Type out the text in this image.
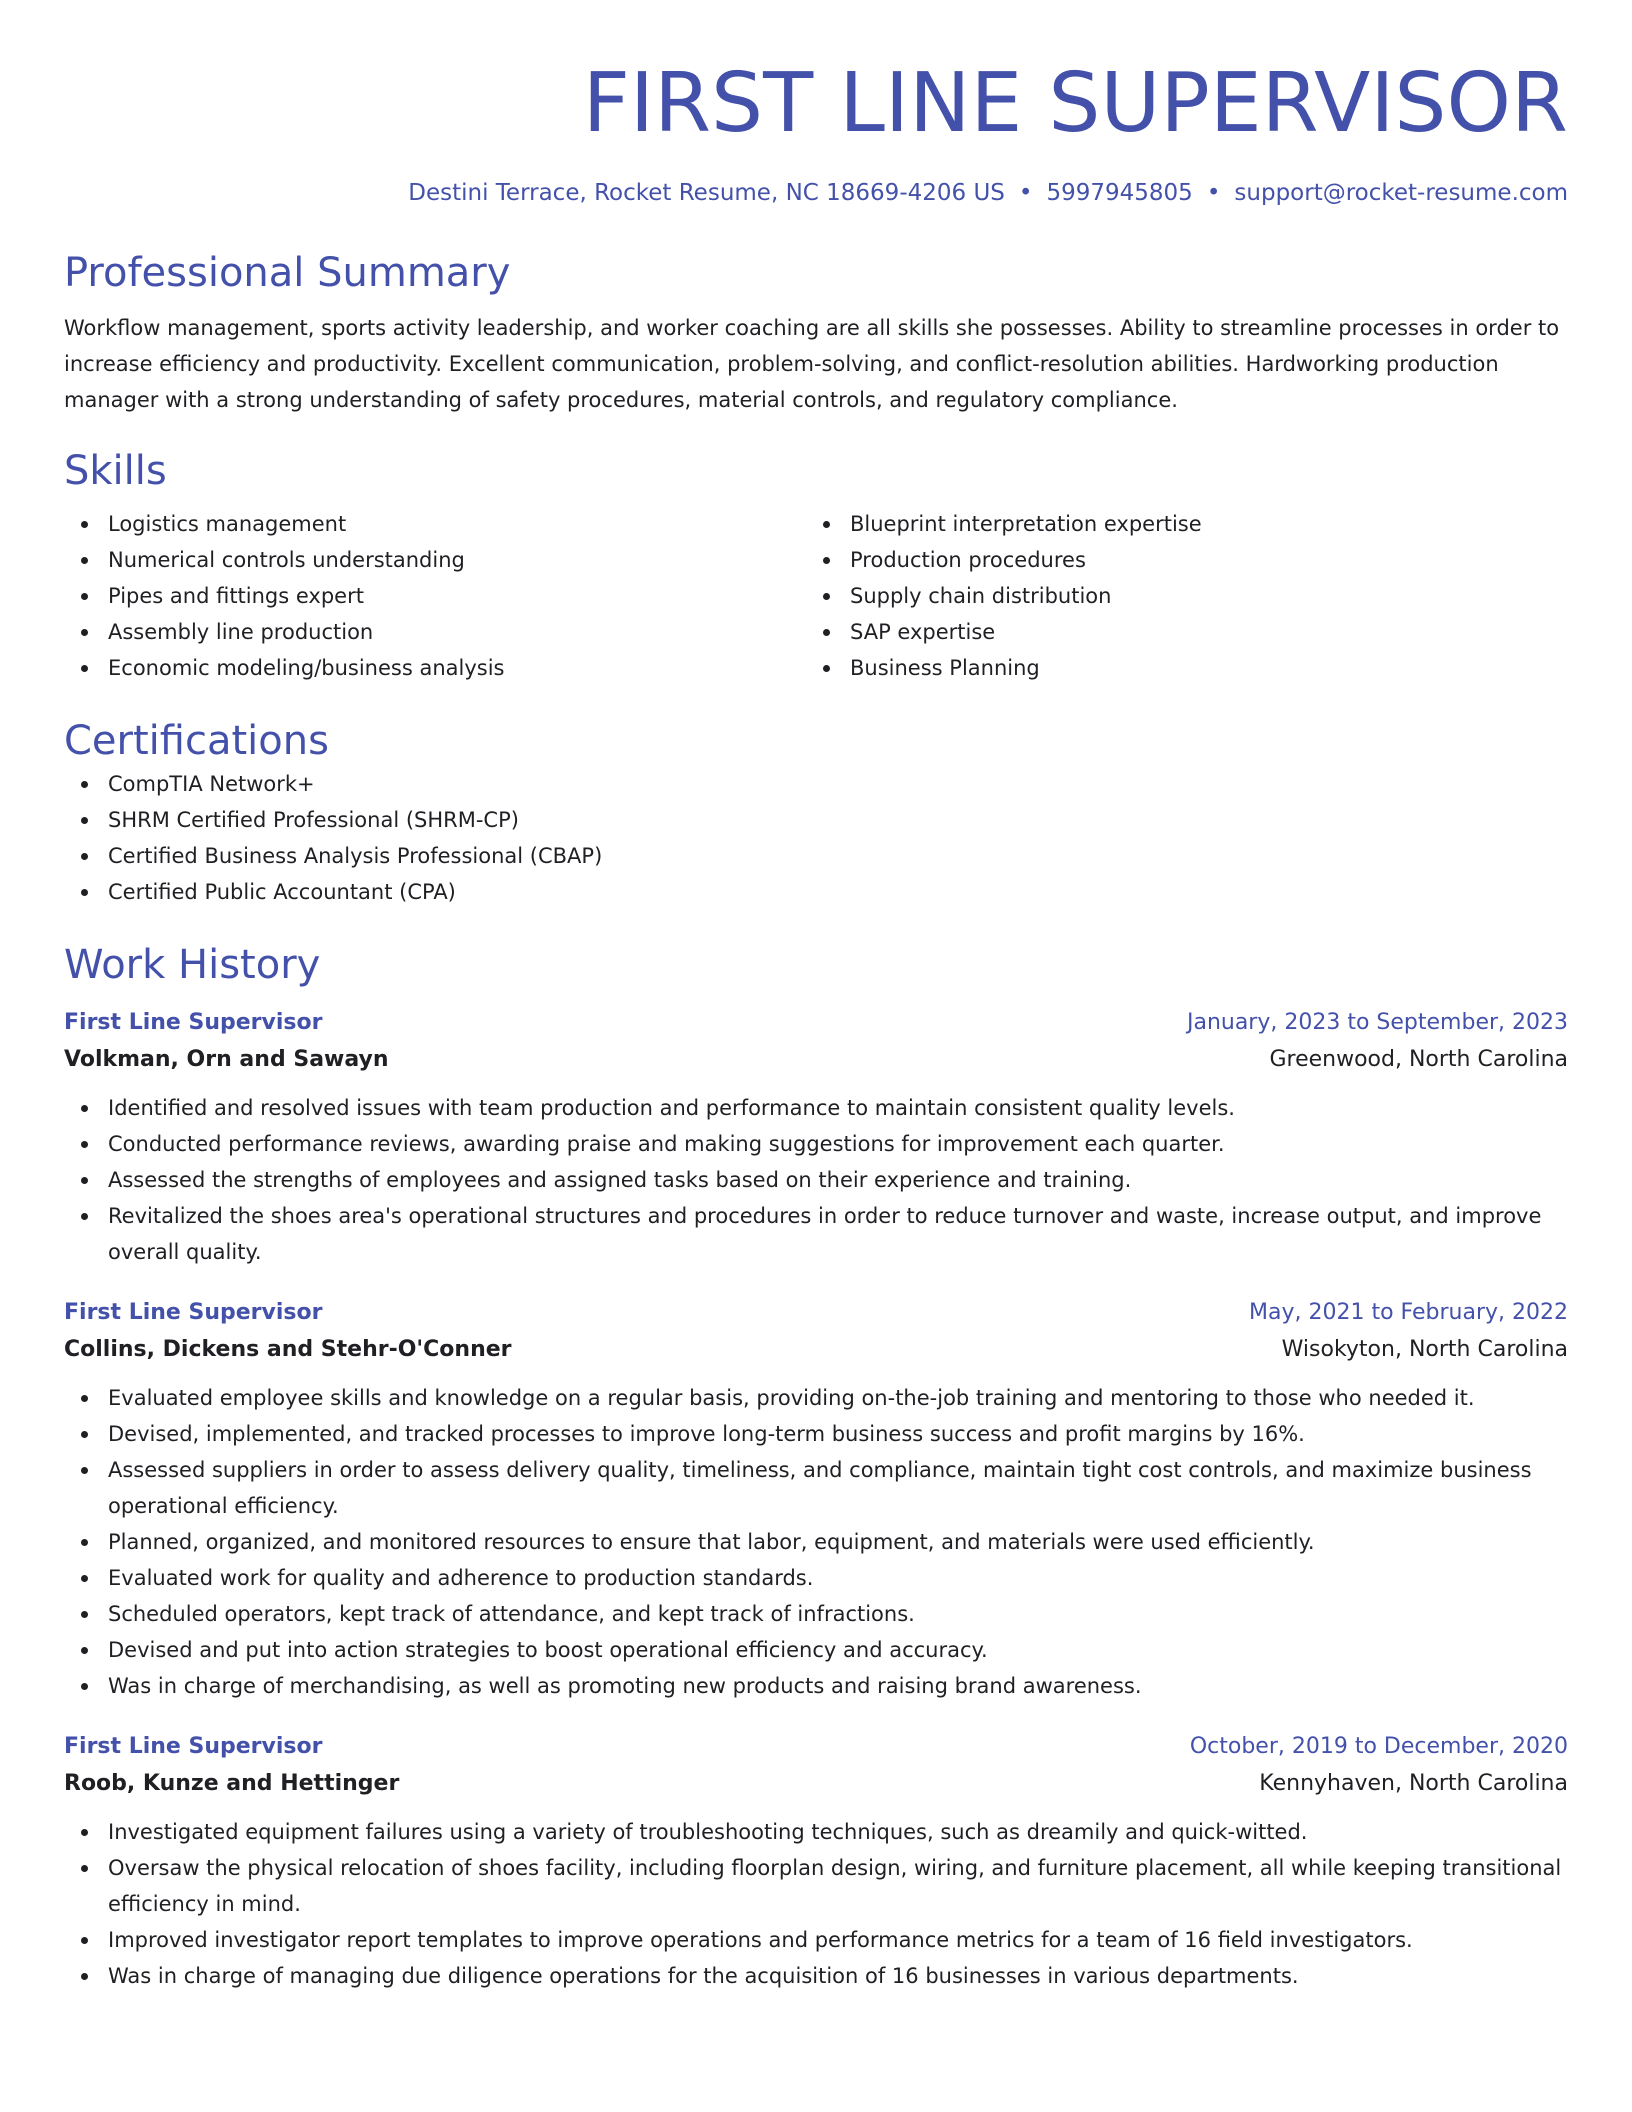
FIRST LINE SUPERVISOR
Destini Terrace, Rocket Resume, NC 18669-4206 US • 5997945805 • support@rocket-resume.com
Professional Summary

Workflow management, sports activity leadership, and worker coaching are all skills she possesses. Ability to streamline processes in order to increase efficiency and productivity. Excellent communication, problem-solving, and conflict-resolution abilities. Hardworking production manager with a strong understanding of safety procedures, material controls, and regulatory compliance.

Skills
Logistics management
Numerical controls understanding
Pipes and fittings expert
Assembly line production
Economic modeling/business analysis
Blueprint interpretation expertise
Production procedures
Supply chain distribution
SAP expertise
Business Planning
Certifications
CompTIA Network+
SHRM Certified Professional (SHRM-CP)
Certified Business Analysis Professional (CBAP)
Certified Public Accountant (CPA)
Work History
First Line Supervisor	January, 2023 to September, 2023
Volkman, Orn and Sawayn	Greenwood, North Carolina
Identified and resolved issues with team production and performance to maintain consistent quality levels.
Conducted performance reviews, awarding praise and making suggestions for improvement each quarter.
Assessed the strengths of employees and assigned tasks based on their experience and training.
Revitalized the shoes area's operational structures and procedures in order to reduce turnover and waste, increase output, and improve overall quality.
First Line Supervisor	May, 2021 to February, 2022
Collins, Dickens and Stehr-O'Conner	Wisokyton, North Carolina
Evaluated employee skills and knowledge on a regular basis, providing on-the-job training and mentoring to those who needed it.
Devised, implemented, and tracked processes to improve long-term business success and profit margins by 16%.
Assessed suppliers in order to assess delivery quality, timeliness, and compliance, maintain tight cost controls, and maximize business operational efficiency.
Planned, organized, and monitored resources to ensure that labor, equipment, and materials were used efficiently.
Evaluated work for quality and adherence to production standards.
Scheduled operators, kept track of attendance, and kept track of infractions.
Devised and put into action strategies to boost operational efficiency and accuracy.
Was in charge of merchandising, as well as promoting new products and raising brand awareness.
First Line Supervisor	October, 2019 to December, 2020
Roob, Kunze and Hettinger	Kennyhaven, North Carolina
Investigated equipment failures using a variety of troubleshooting techniques, such as dreamily and quick-witted.
Oversaw the physical relocation of shoes facility, including floorplan design, wiring, and furniture placement, all while keeping transitional efficiency in mind.
Improved investigator report templates to improve operations and performance metrics for a team of 16 field investigators.
Was in charge of managing due diligence operations for the acquisition of 16 businesses in various departments.
